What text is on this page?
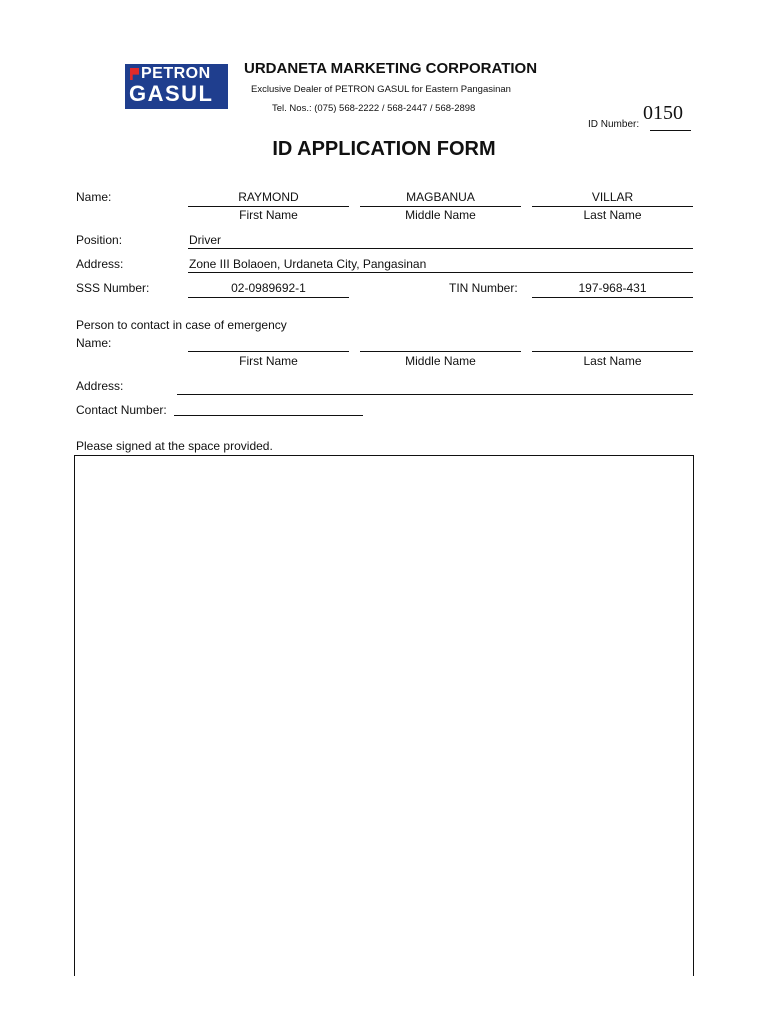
PETRON
GASUL
URDANETA MARKETING CORPORATION
Exclusive Dealer of PETRON GASUL for Eastern Pangasinan
Tel. Nos.: (075) 568-2222 / 568-2447 / 568-2898
ID Number:
0150
ID APPLICATION FORM
Name:	RAYMOND	MAGBANUA	VILLAR
First Name	Middle Name	Last Name
Position:	Driver
Address:	Zone III Bolaoen, Urdaneta City, Pangasinan
SSS Number:	02-0989692-1	TIN Number:	197-968-431
Person to contact in case of emergency
Name:
First Name	Middle Name	Last Name
Address:
Contact Number:
Please signed at the space provided.
